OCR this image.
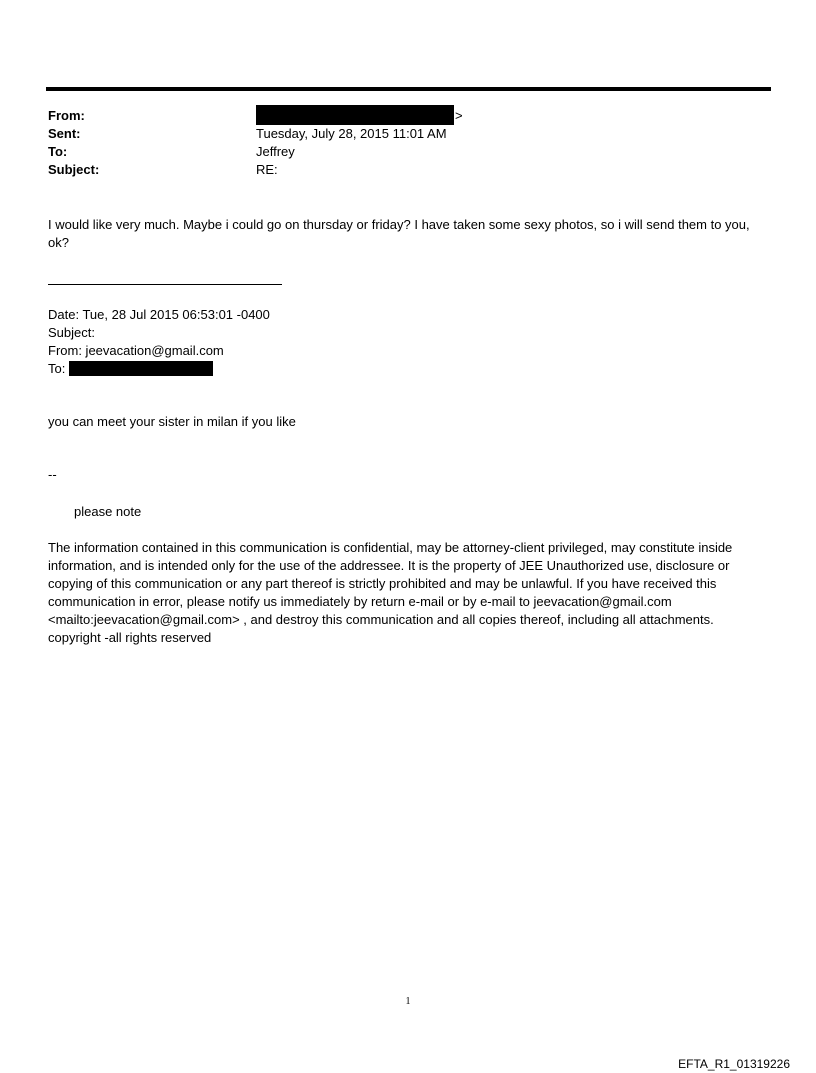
From:	>
Sent:	Tuesday, July 28, 2015 11:01 AM
To:	Jeffrey
Subject:	RE:
I would like very much. Maybe i could go on thursday or friday? I have taken some sexy photos, so i will send them to you, ok?
Date: Tue, 28 Jul 2015 06:53:01 -0400
Subject:
From: jeevacation@gmail.com
To:
you can meet your sister in milan if you like
--
please note
The information contained in this communication is confidential, may be attorney-client privileged, may constitute inside information, and is intended only for the use of the addressee. It is the property of JEE Unauthorized use, disclosure or copying of this communication or any part thereof is strictly prohibited and may be unlawful. If you have received this communication in error, please notify us immediately by return e-mail or by e-mail to jeevacation@gmail.com <mailto:jeevacation@gmail.com> , and destroy this communication and all copies thereof, including all attachments. copyright -all rights reserved
1
EFTA_R1_01319226
